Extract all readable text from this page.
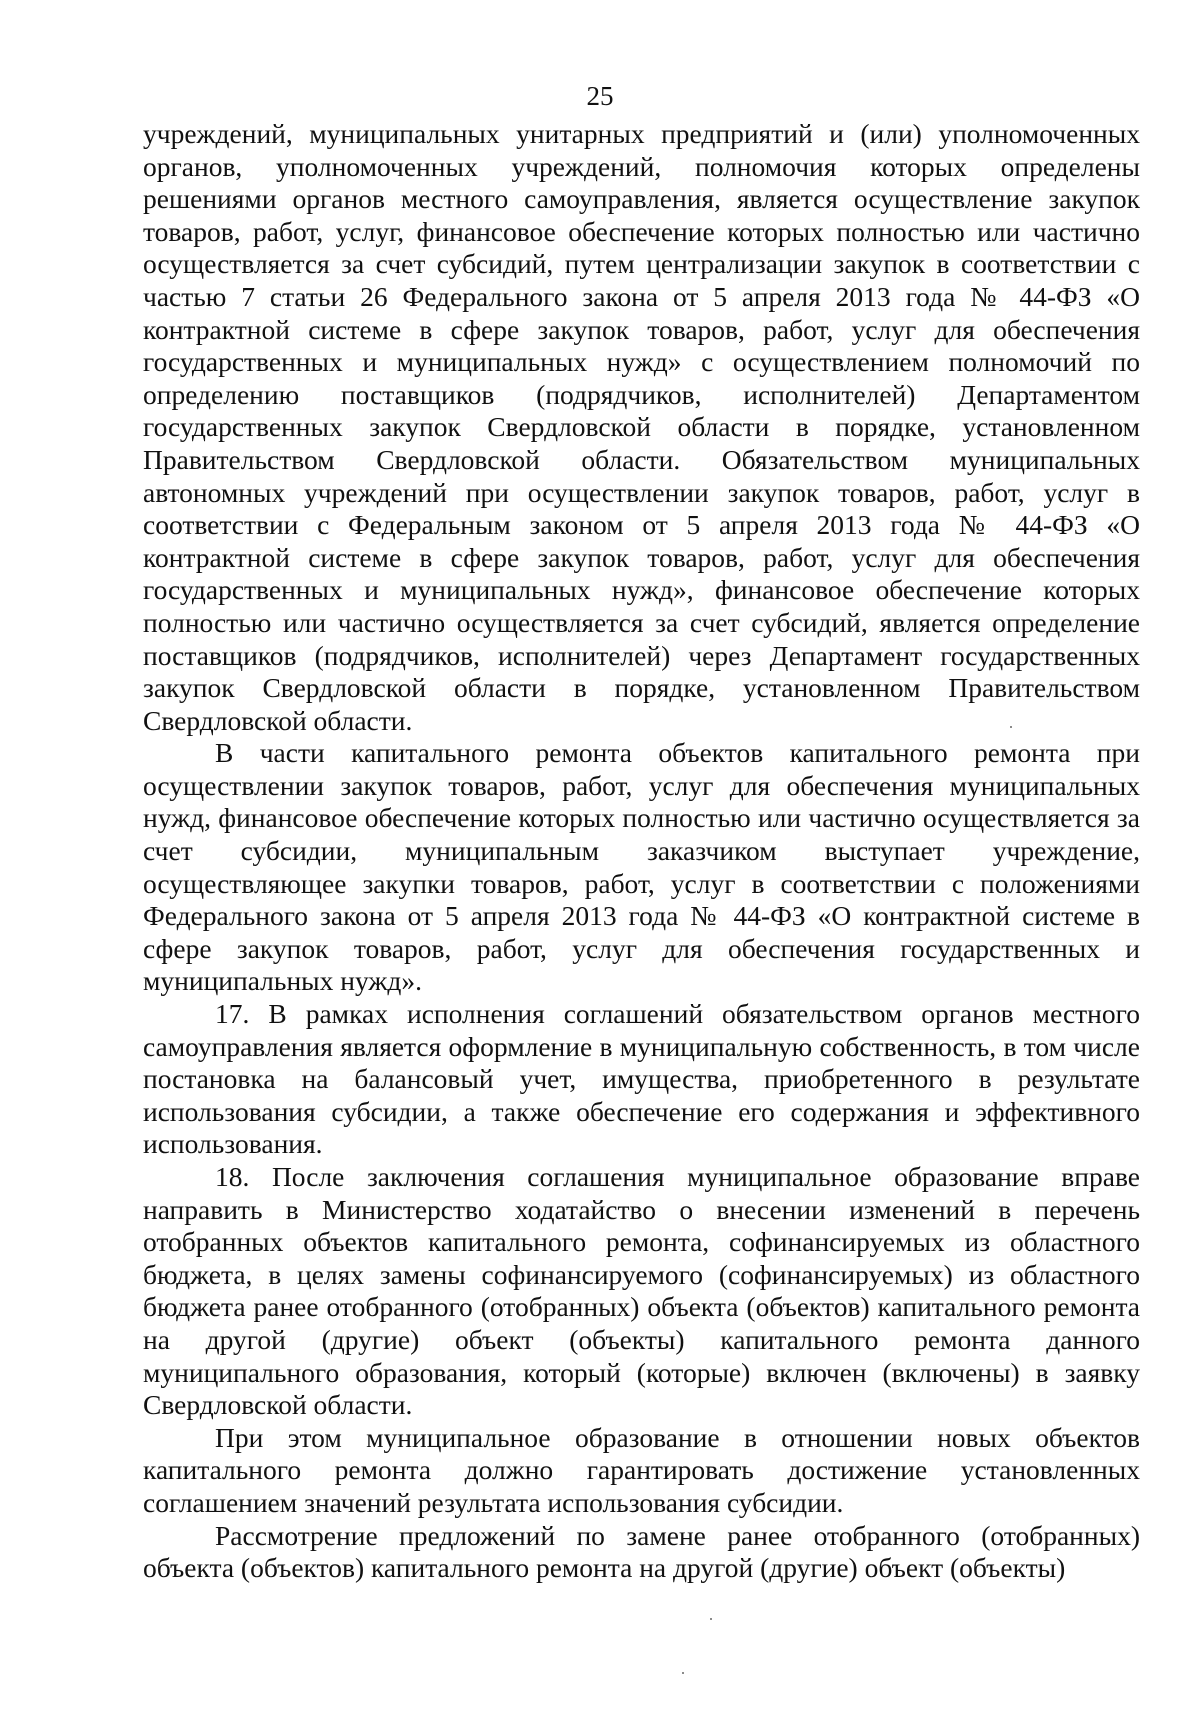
25

учреждений, муниципальных унитарных предприятий и (или) уполномоченных органов, уполномоченных учреждений, полномочия которых определены решениями органов местного самоуправления, является осуществление закупок товаров, работ, услуг, финансовое обеспечение которых полностью или частично осуществляется за счет субсидий, путем централизации закупок в соответствии с частью 7 статьи 26 Федерального закона от 5 апреля 2013 года № 44-ФЗ «О контрактной системе в сфере закупок товаров, работ, услуг для обеспечения государственных и муниципальных нужд» с осуществлением полномочий по определению поставщиков (подрядчиков, исполнителей) Департаментом государственных закупок Свердловской области в порядке, установленном Правительством Свердловской области. Обязательством муниципальных автономных учреждений при осуществлении закупок товаров, работ, услуг в соответствии с Федеральным законом от 5 апреля 2013 года № 44-ФЗ «О контрактной системе в сфере закупок товаров, работ, услуг для обеспечения государственных и муниципальных нужд», финансовое обеспечение которых полностью или частично осуществляется за счет субсидий, является определение поставщиков (подрядчиков, исполнителей) через Департамент государственных закупок Свердловской области в порядке, установленном Правительством Свердловской области.

В части капитального ремонта объектов капитального ремонта при осуществлении закупок товаров, работ, услуг для обеспечения муниципальных нужд, финансовое обеспечение которых полностью или частично осуществляется за счет субсидии, муниципальным заказчиком выступает учреждение, осуществляющее закупки товаров, работ, услуг в соответствии с положениями Федерального закона от 5 апреля 2013 года № 44-ФЗ «О контрактной системе в сфере закупок товаров, работ, услуг для обеспечения государственных и муниципальных нужд».

17. В рамках исполнения соглашений обязательством органов местного самоуправления является оформление в муниципальную собственность, в том числе постановка на балансовый учет, имущества, приобретенного в результате использования субсидии, а также обеспечение его содержания и эффективного использования.

18. После заключения соглашения муниципальное образование вправе направить в Министерство ходатайство о внесении изменений в перечень отобранных объектов капитального ремонта, софинансируемых из областного бюджета, в целях замены софинансируемого (софинансируемых) из областного бюджета ранее отобранного (отобранных) объекта (объектов) капитального ремонта на другой (другие) объект (объекты) капитального ремонта данного муниципального образования, который (которые) включен (включены) в заявку Свердловской области.

При этом муниципальное образование в отношении новых объектов капитального ремонта должно гарантировать достижение установленных соглашением значений результата использования субсидии.

Рассмотрение предложений по замене ранее отобранного (отобранных) объекта (объектов) капитального ремонта на другой (другие) объект (объекты)
